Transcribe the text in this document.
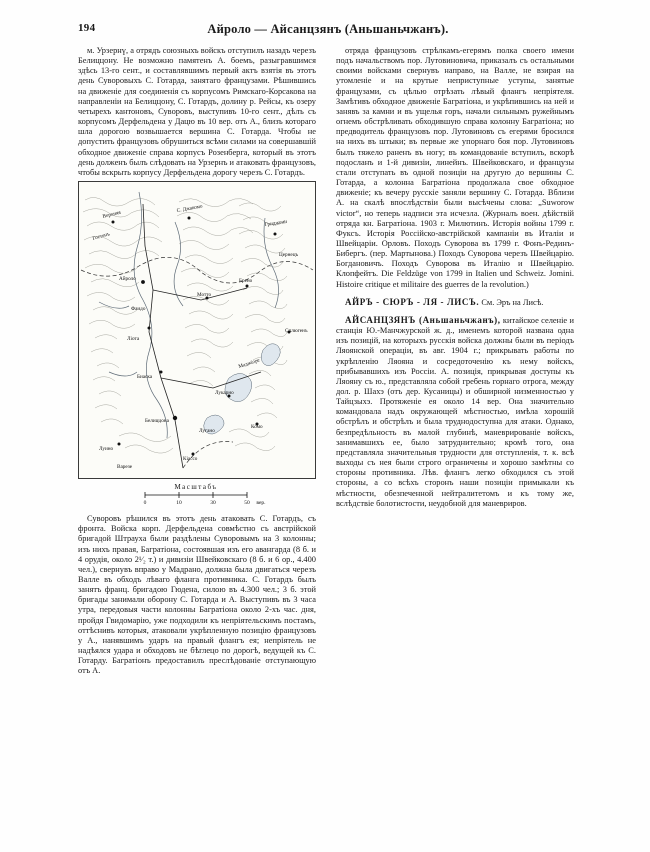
194	Айроло — Айсанцзянъ (Аньшаньчжанъ).

м. Урзернү, а отрядъ союзныхъ войскъ отступилъ назадъ черезъ Белиццону. Не возможно памятенъ А. боемъ, разыгравшимся здѣсь 13-го сент., и составлявшимъ первый актъ взятія въ этотъ день Суворовыхъ С. Готарда, занятаго французами. Рѣшившись на движеніе для соединенія съ корпусомъ Римскаго-Корсакова на направленіи на Белиццону, С. Готардъ, долину р. Рейсы, къ озеру четырехъ кантоновъ, Суворовъ, выступивъ 10-го сент., дѣлъ съ корпусомъ Дерфельдена у Дацю въ 10 вер. отъ А., близъ котораго шла дорогою возвышается вершина С. Готарда. Чтобы не допустить французовъ обрушиться всѣми силами на совершавшій обходное движеніе справа корпусъ Розенберга, который въ этотъ день долженъ былъ слѣдовать на Урзернъ и атаковать французовъ, чтобы вскрыть корпусу Дерфельдена дорогу черезъ С. Готардъ.

Верхняя
С. Джакомо
Гостенъ
Гриджони
Цернецъ
Сплюгенъ
Айроло
Фаидо
Ліота
Мотто
Брено
Биаска
Белиццона
Лукарно
Маджіоре
Лугано
Комо
Кіассо
Луино
Варезе
Масштабъ
0	10	30	50 вер.

Суворовъ рѣшился въ этотъ день атаковать С. Готардъ, съ фронта. Войска корп. Дерфельдена совмѣстно съ австрійской бригадой Штрауха были раздѣлены Суворовымъ на 3 колонны; изъ нихъ правая, Багратіона, состоявшая изъ его авангарда (8 б. и 4 орудія, около 2¹⁄₂ т.) и дивизіи Швейковскаго (8 б. и 6 ор., 4.400 чел.), свернувъ вправо у Мадрано, должна была двигаться черезъ Валле въ обходъ лѣваго фланга противника. С. Готардъ былъ занятъ франц. бригадою Гюдена, силою въ 4.300 чел.; 3 б. этой бригады занимали оборону С. Готарда и А. Выступивъ въ 3 часа утра, передовыя части колонны Багратіона около 2-хъ час. дня, пройдя Гвидомарію, уже подходили къ непріятельскимъ постамъ, оттѣснивъ которыя, атаковали укрѣпленную позицію французовъ у А., нанявшимъ ударъ на правый флангъ ея; непріятель не надѣялся удара и обходовъ не бѣглецо по дорогѣ, ведущей къ С. Готарду. Багратіонъ предоставилъ преслѣдованіе отступающую отъ А.

отряда французовъ стрѣлкамъ-егерямъ полка своего имени подъ начальствомъ пор. Лутовиновича, приказалъ съ остальными своими войсками свернувъ направо, на Валле, не взирая на утомленіе и на крутые неприступные уступы, занятые французами, съ цѣлью отрѣзать лѣвый флангъ непріятеля. Замѣтивъ обходное движеніе Багратіона, и укрѣпившись на ней и занявъ за камни и въ ущелья горъ, начали сильнымъ ружейнымъ огнемъ обстрѣливать обходившую справа колонну Багратіона; но предводитель французовъ пор. Лутовиновъ съ егерями бросился на нихъ въ штыки; въ первые же упорнаго боя пор. Лутовиновъ былъ тяжело раненъ въ ногу; въ командованіе вступилъ, вскорѣ подосланъ и 1-й дивизіи, линейнъ. Швейковскаго, и французы стали отступать въ одной позиціи на другую до вершины С. Готарда, а колонна Багратіона продолжала свое обходное движеніе; къ вечеру русскіе заняли вершину С. Готарда. Вблизи А. на скалѣ впослѣдствіи были высѣчены слова: „Suworow victor“, но теперь надписи эта исчезла. (Журналъ воен. дѣйствій отряда кн. Багратіона. 1903 г. Милютинъ. Исторія войны 1799 г. Фуксъ. Исторія Россійско-австрійской кампаніи въ Италіи и Швейцаріи. Орловъ. Походъ Суворова въ 1799 г. Фонъ-Рединъ-Бибергъ. (пер. Мартынова.) Походъ Суворова черезъ Швейцарію. Богдановичъ. Походъ Суворова въ Италію и Швейцарію. Клопфейтъ. Die Feldzüge von 1799 in Italien und Schweiz. Jomini. Histoire critique et militaire des guerres de la revolution.)

АЙРЪ - СЮРЪ - ЛЯ - ЛИСЪ. См. Эръ на Лисѣ.

АЙСАНЦЗЯНЪ (Аньшаньчжанъ), китайское селеніе и станція Ю.-Манчжурской ж. д., именемъ которой названа одна изъ позицій, на которыхъ русскія войска должны были въ періодъ Ляоянской операціи, въ авг. 1904 г.; прикрывать работы по укрѣпленію Ляояна и сосредоточенію къ нему войскъ, прибывавшихъ изъ Россіи. А. позиція, прикрывая доступы къ Ляояну съ ю., представляла собой гребень горнаго отрога, между дол. р. Шахэ (отъ дер. Кусаницы) и обширной низменностью у Тайцзыхэ. Протяженіе ея около 14 вер. Она значительно командовала надъ окружающей мѣстностью, имѣла хорошій обстрѣлъ и обстрѣлъ и была труднодоступна для атаки. Однако, безпредѣльность въ малой глубинѣ, маневрированіе войскъ, занимавшихъ ее, было затруднительно; кромѣ того, она представляла значительныя трудности для отступленія, т. к. всѣ выходы съ нея были строго ограничены и хорошо замѣтны со стороны противника. Лѣв. флангъ легко обходился съ этой стороны, а со всѣхъ сторонъ наши позиціи примыкали къ мѣстности, обезпеченной нейтралитетомъ и къ тому же, вслѣдствіе болотистости, неудобной для маневриров.
